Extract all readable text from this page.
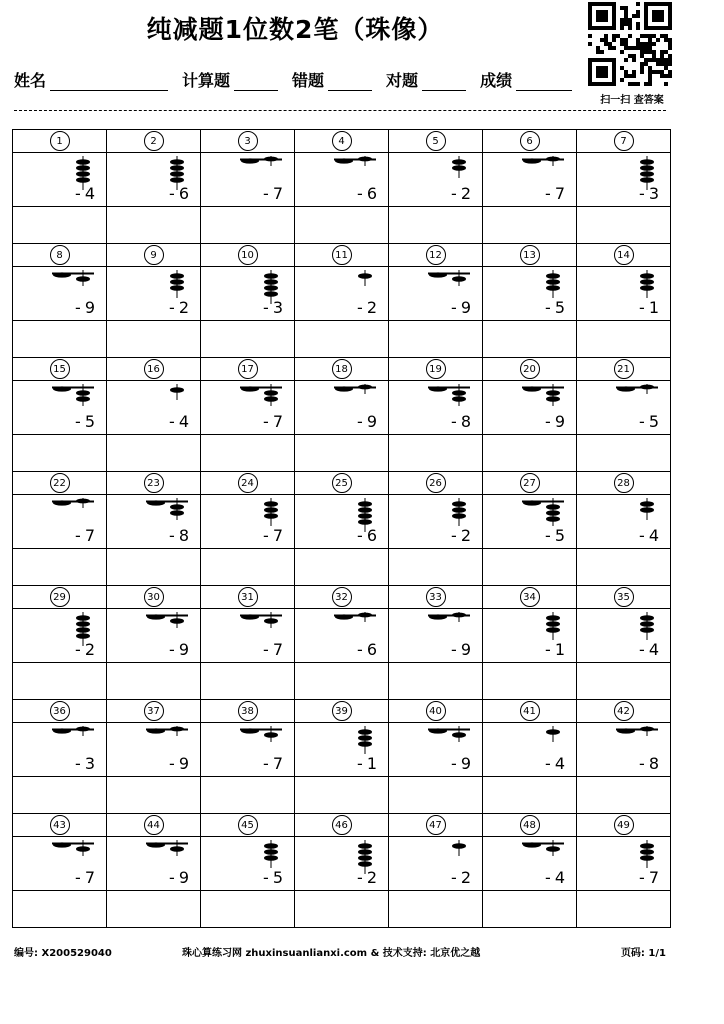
纯减题1位数2笔（珠像）
姓名	计算题	错题	对题	成绩
扫一扫 查答案
1	2	3	4	5	6	7

-4	-6	-7	-6	-2	-7	-3

8	9	10	11	12	13	14

-9	-2	-3	-2	-9	-5	-1

15	16	17	18	19	20	21

-5	-4	-7	-9	-8	-9	-5

22	23	24	25	26	27	28

-7	-8	-7	-6	-2	-5	-4

29	30	31	32	33	34	35

-2	-9	-7	-6	-9	-1	-4

36	37	38	39	40	41	42

-3	-9	-7	-1	-9	-4	-8

43	44	45	46	47	48	49

-7	-9	-5	-2	-2	-4	-7

编号: X200529040	珠心算练习网 zhuxinsuanlianxi.com & 技术支持: 北京优之越	页码: 1/1
